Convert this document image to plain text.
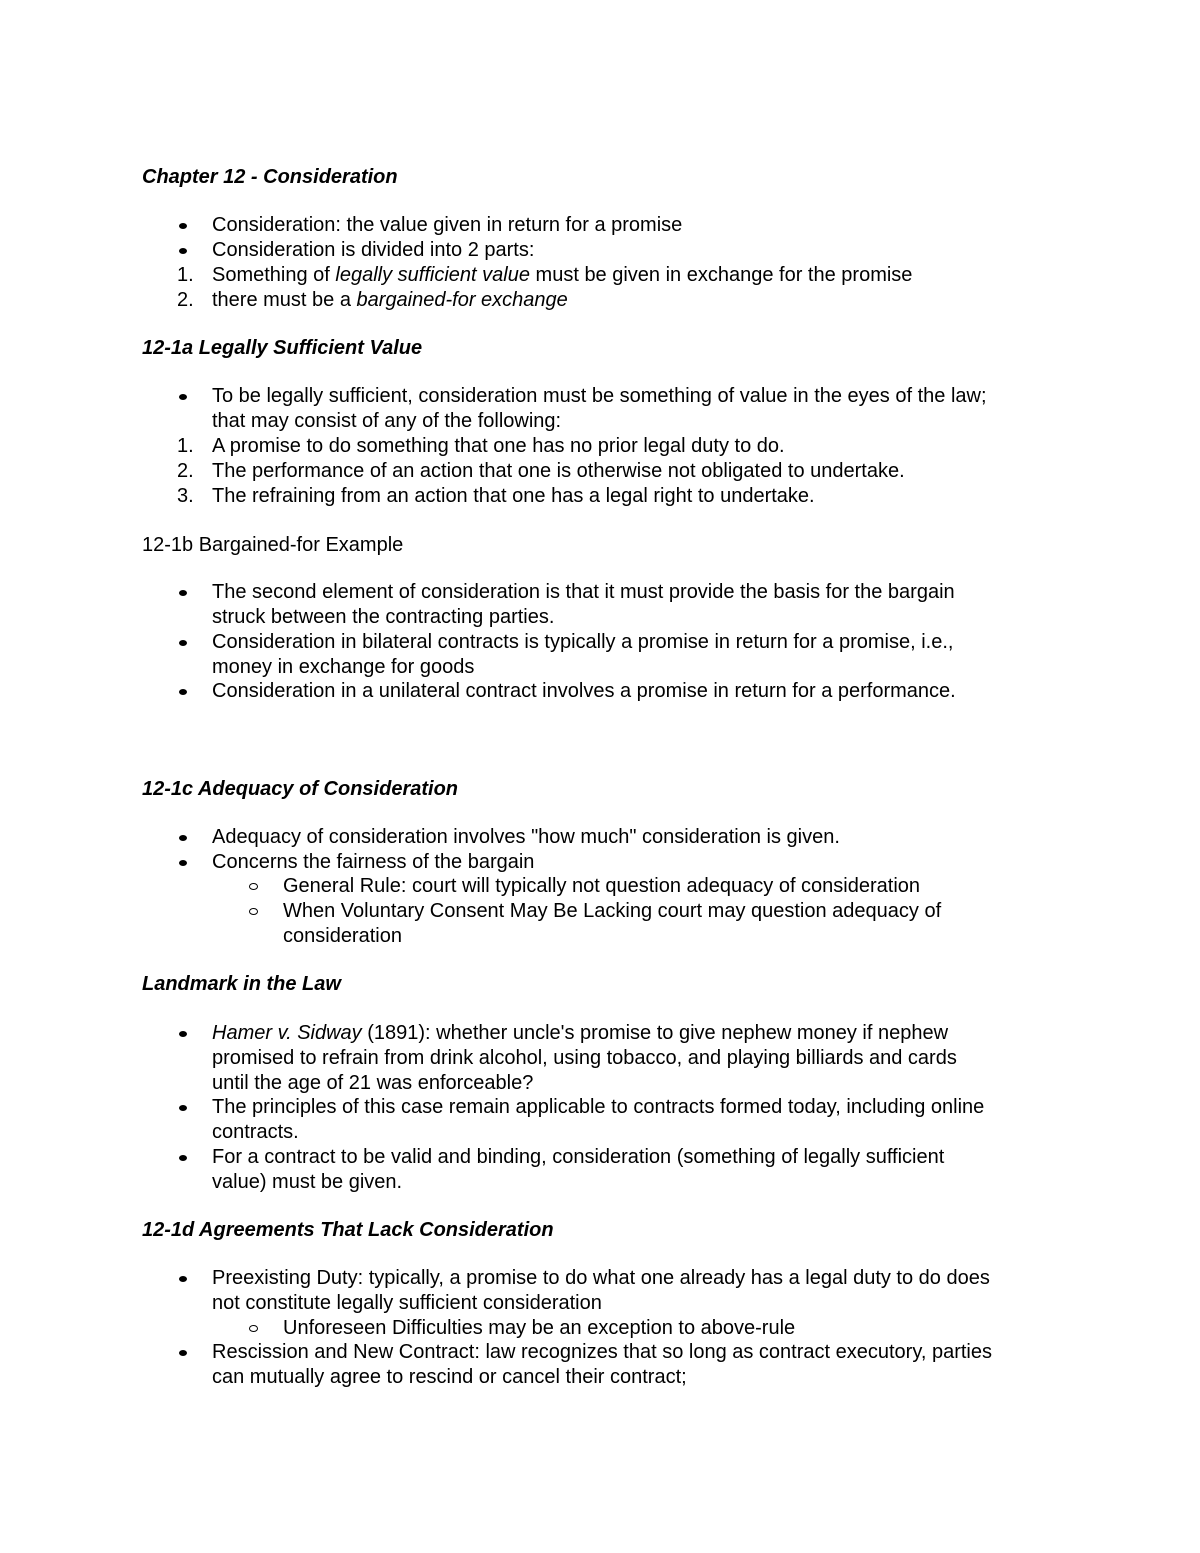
Chapter 12 - Consideration
Consideration: the value given in return for a promise
Consideration is divided into 2 parts:
1. Something of legally sufficient value must be given in exchange for the promise
2. there must be a bargained-for exchange
12-1a Legally Sufficient Value
To be legally sufficient, consideration must be something of value in the eyes of the law;
that may consist of any of the following:
1. A promise to do something that one has no prior legal duty to do.
2. The performance of an action that one is otherwise not obligated to undertake.
3. The refraining from an action that one has a legal right to undertake.
12-1b Bargained-for Example
The second element of consideration is that it must provide the basis for the bargain
struck between the contracting parties.
Consideration in bilateral contracts is typically a promise in return for a promise, i.e.,
money in exchange for goods
Consideration in a unilateral contract involves a promise in return for a performance.
12-1c Adequacy of Consideration
Adequacy of consideration involves "how much" consideration is given.
Concerns the fairness of the bargain
General Rule: court will typically not question adequacy of consideration
When Voluntary Consent May Be Lacking court may question adequacy of
consideration
Landmark in the Law
Hamer v. Sidway (1891): whether uncle's promise to give nephew money if nephew
promised to refrain from drink alcohol, using tobacco, and playing billiards and cards
until the age of 21 was enforceable?
The principles of this case remain applicable to contracts formed today, including online
contracts.
For a contract to be valid and binding, consideration (something of legally sufficient
value) must be given.
12-1d Agreements That Lack Consideration
Preexisting Duty: typically, a promise to do what one already has a legal duty to do does
not constitute legally sufficient consideration
Unforeseen Difficulties may be an exception to above-rule
Rescission and New Contract: law recognizes that so long as contract executory, parties
can mutually agree to rescind or cancel their contract;
